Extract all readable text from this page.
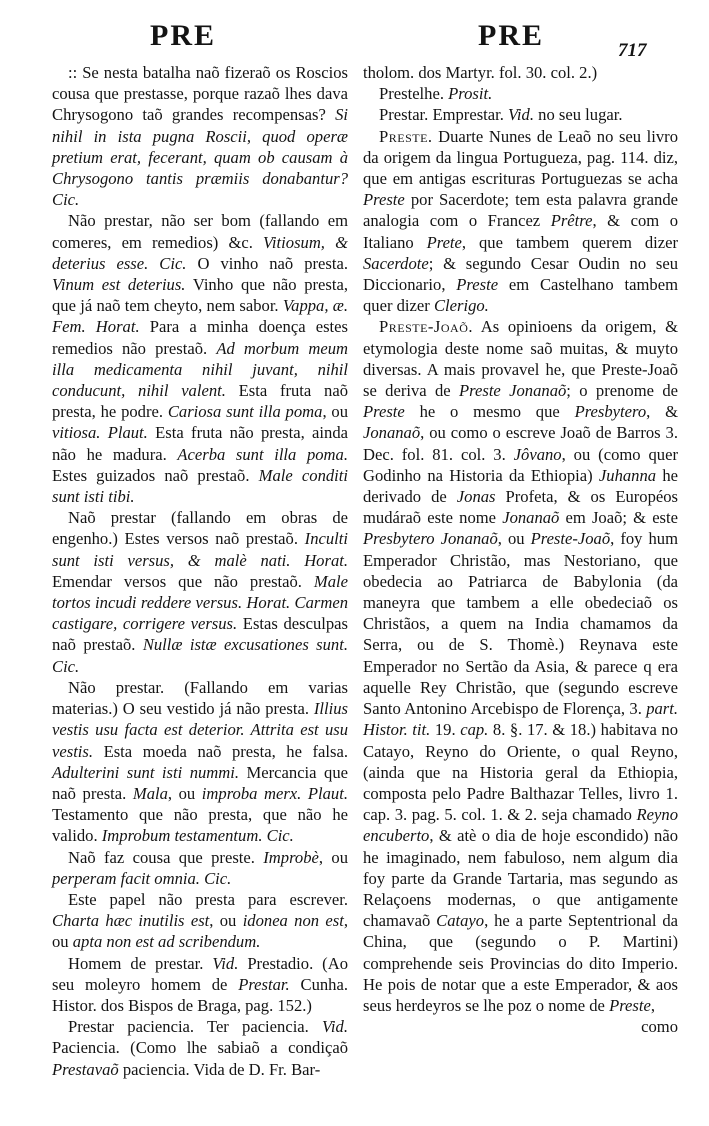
PRE	PRE	717

:: Se nesta batalha naõ fizeraõ os Roscios cousa que prestasse, porque razaõ lhes dava Chrysogono taõ grandes recompensas? Si nihil in ista pugna Roscii, quod operæ pretium erat, fecerant, quam ob causam à Chrysogono tantis præmiis donabantur? Cic.

Não prestar, não ser bom (fallando em comeres, em remedios) &c. Vitiosum, & deterius esse. Cic. O vinho naõ presta. Vinum est deterius. Vinho que não presta, que já naõ tem cheyto, nem sabor. Vappa, æ. Fem. Horat. Para a minha doença estes remedios não prestaõ. Ad morbum meum illa medicamenta nihil juvant, nihil conducunt, nihil valent. Esta fruta naõ presta, he podre. Cariosa sunt illa poma, ou vitiosa. Plaut. Esta fruta não presta, ainda não he madura. Acerba sunt illa poma. Estes guizados naõ prestaõ. Male conditi sunt isti tibi.

Naõ prestar (fallando em obras de engenho.) Estes versos naõ prestaõ. Inculti sunt isti versus, & malè nati. Horat. Emendar versos que não prestaõ. Male tortos incudi reddere versus. Horat. Carmen castigare, corrigere versus. Estas desculpas naõ prestaõ. Nullæ istæ excusationes sunt. Cic.

Não prestar. (Fallando em varias materias.) O seu vestido já não presta. Illius vestis usu facta est deterior. Attrita est usu vestis. Esta moeda naõ presta, he falsa. Adulterini sunt isti nummi. Mercancia que naõ presta. Mala, ou improba merx. Plaut. Testamento que não presta, que não he valido. Improbum testamentum. Cic.

Naõ faz cousa que preste. Improbè, ou perperam facit omnia. Cic.

Este papel não presta para escrever. Charta hæc inutilis est, ou idonea non est, ou apta non est ad scribendum.

Homem de prestar. Vid. Prestadio. (Ao seu moleyro homem de Prestar. Cunha. Histor. dos Bispos de Braga, pag. 152.)

Prestar paciencia. Ter paciencia. Vid. Paciencia. (Como lhe sabiaõ a condiçaõ Prestavaõ paciencia. Vida de D. Fr. Bar-

tholom. dos Martyr. fol. 30. col. 2.)

Prestelhe. Prosit.

Prestar. Emprestar. Vid. no seu lugar.

Preste. Duarte Nunes de Leaõ no seu livro da origem da lingua Portugueza, pag. 114. diz, que em antigas escrituras Portuguezas se acha Preste por Sacerdote; tem esta palavra grande analogia com o Francez Prêtre, & com o Italiano Prete, que tambem querem dizer Sacerdote; & segundo Cesar Oudin no seu Diccionario, Preste em Castelhano tambem quer dizer Clerigo.

Preste-Joaõ. As opinioens da origem, & etymologia deste nome saõ muitas, & muyto diversas. A mais provavel he, que Preste-Joaõ se deriva de Preste Jonanaõ; o prenome de Preste he o mesmo que Presbytero, & Jonanaõ, ou como o escreve Joaõ de Barros 3. Dec. fol. 81. col. 3. Jôvano, ou (como quer Godinho na Historia da Ethiopia) Juhanna he derivado de Jonas Profeta, & os Européos mudáraõ este nome Jonanaõ em Joaõ; & este Presbytero Jonanaõ, ou Preste-Joaõ, foy hum Emperador Christão, mas Nestoriano, que obedecia ao Patriarca de Babylonia (da maneyra que tambem a elle obedeciaõ os Christãos, a quem na India chamamos da Serra, ou de S. Thomè.) Reynava este Emperador no Sertão da Asia, & parece q era aquelle Rey Christão, que (segundo escreve Santo Antonino Arcebispo de Florença, 3. part. Histor. tit. 19. cap. 8. §. 17. & 18.) habitava no Catayo, Reyno do Oriente, o qual Reyno, (ainda que na Historia geral da Ethiopia, composta pelo Padre Balthazar Telles, livro 1. cap. 3. pag. 5. col. 1. & 2. seja chamado Reyno encuberto, & atè o dia de hoje escondido) não he imaginado, nem fabuloso, nem algum dia foy parte da Grande Tartaria, mas segundo as Relaçoens modernas, o que antigamente chamavaõ Catayo, he a parte Septentrional da China, que (segundo o P. Martini) comprehende seis Provincias do dito Imperio. He pois de notar que a este Emperador, & aos seus herdeyros se lhe poz o nome de Preste,

como
